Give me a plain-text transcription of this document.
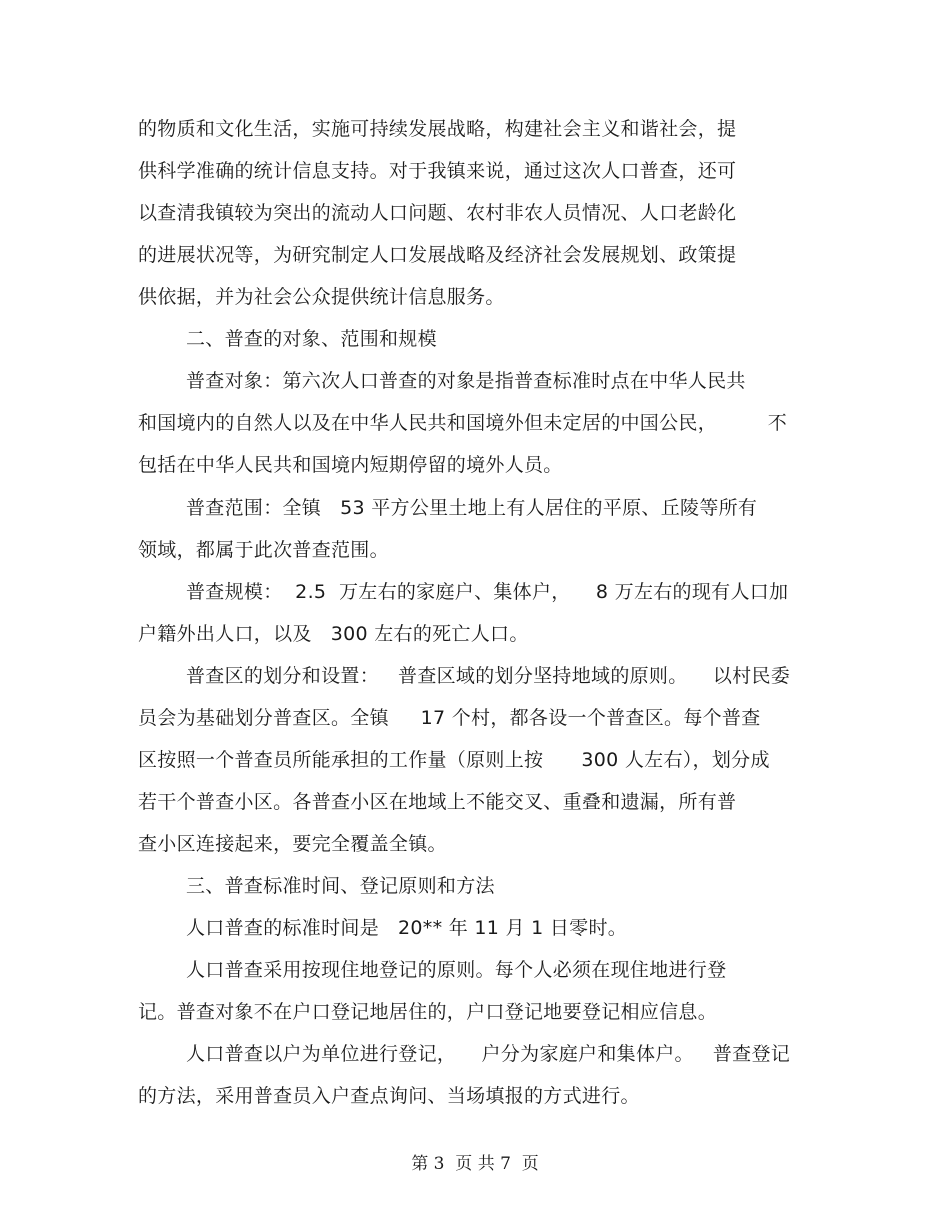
的物质和文化生活，实施可持续发展战略，构建社会主义和谐社会，提
供科学准确的统计信息支持。对于我镇来说，通过这次人口普查，还可
以查清我镇较为突出的流动人口问题、农村非农人员情况、人口老龄化
的进展状况等，为研究制定人口发展战略及经济社会发展规划、政策提
供依据，并为社会公众提供统计信息服务。
二、普查的对象、范围和规模
普查对象：第六次人口普查的对象是指普查标准时点在中华人民共
和国境内的自然人以及在中华人民共和国境外但未定居的中国公民，        不
包括在中华人民共和国境内短期停留的境外人员。
普查范围：全镇   53 平方公里土地上有人居住的平原、丘陵等所有
领域，都属于此次普查范围。
普查规模：  2.5  万左右的家庭户、集体户，    8 万左右的现有人口加
户籍外出人口，以及   300 左右的死亡人口。
普查区的划分和设置：   普查区域的划分坚持地域的原则。    以村民委
员会为基础划分普查区。全镇     17 个村，都各设一个普查区。每个普查
区按照一个普查员所能承担的工作量（原则上按      300 人左右），划分成
若干个普查小区。各普查小区在地域上不能交叉、重叠和遗漏，所有普
查小区连接起来，要完全覆盖全镇。
三、普查标准时间、登记原则和方法
人口普查的标准时间是   20** 年 11 月 1 日零时。
人口普查采用按现住地登记的原则。每个人必须在现住地进行登
记。普查对象不在户口登记地居住的，户口登记地要登记相应信息。
人口普查以户为单位进行登记，    户分为家庭户和集体户。   普查登记
的方法，采用普查员入户查点询问、当场填报的方式进行。
第 3  页 共 7  页
